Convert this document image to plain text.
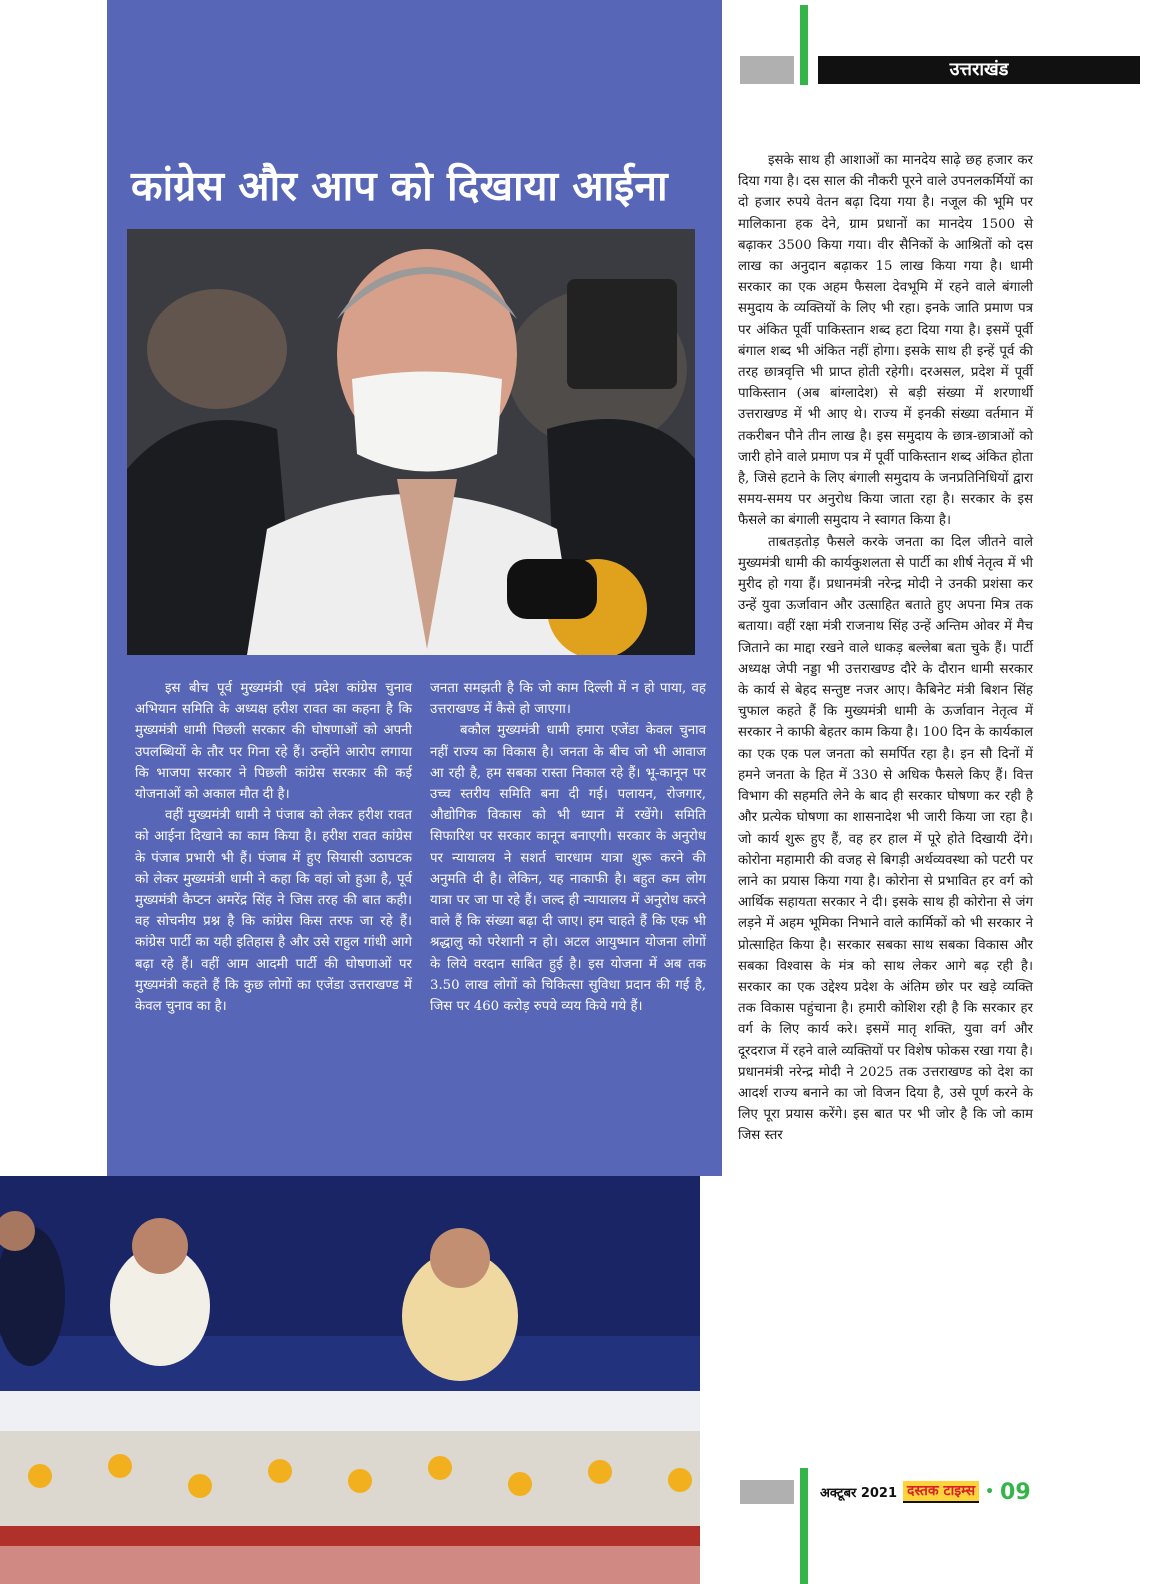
उत्तराखंड
कांग्रेस और आप को दिखाया आईना

इस बीच पूर्व मुख्यमंत्री एवं प्रदेश कांग्रेस चुनाव अभियान समिति के अध्यक्ष हरीश रावत का कहना है कि मुख्यमंत्री धामी पिछली सरकार की घोषणाओं को अपनी उपलब्धियों के तौर पर गिना रहे हैं। उन्होंने आरोप लगाया कि भाजपा सरकार ने पिछली कांग्रेस सरकार की कई योजनाओं को अकाल मौत दी है।

वहीं मुख्यमंत्री धामी ने पंजाब को लेकर हरीश रावत को आईना दिखाने का काम किया है। हरीश रावत कांग्रेस के पंजाब प्रभारी भी हैं। पंजाब में हुए सियासी उठापटक को लेकर मुख्यमंत्री धामी ने कहा कि वहां जो हुआ है, पूर्व मुख्यमंत्री कैप्टन अमरेंद्र सिंह ने जिस तरह की बात कही। वह सोचनीय प्रश्न है कि कांग्रेस किस तरफ जा रहे हैं। कांग्रेस पार्टी का यही इतिहास है और उसे राहुल गांधी आगे बढ़ा रहे हैं। वहीं आम आदमी पार्टी की घोषणाओं पर मुख्यमंत्री कहते हैं कि कुछ लोगों का एजेंडा उत्तराखण्ड में केवल चुनाव का है।

जनता समझती है कि जो काम दिल्ली में न हो पाया, वह उत्तराखण्ड में कैसे हो जाएगा।

बकौल मुख्यमंत्री धामी हमारा एजेंडा केवल चुनाव नहीं राज्य का विकास है। जनता के बीच जो भी आवाज आ रही है, हम सबका रास्ता निकाल रहे हैं। भू-कानून पर उच्च स्तरीय समिति बना दी गई। पलायन, रोजगार, औद्योगिक विकास को भी ध्यान में रखेंगे। समिति सिफारिश पर सरकार कानून बनाएगी। सरकार के अनुरोध पर न्यायालय ने सशर्त चारधाम यात्रा शुरू करने की अनुमति दी है। लेकिन, यह नाकाफी है। बहुत कम लोग यात्रा पर जा पा रहे हैं। जल्द ही न्यायालय में अनुरोध करने वाले हैं कि संख्या बढ़ा दी जाए। हम चाहते हैं कि एक भी श्रद्धालु को परेशानी न हो। अटल आयुष्मान योजना लोगों के लिये वरदान साबित हुई है। इस योजना में अब तक 3.50 लाख लोगों को चिकित्सा सुविधा प्रदान की गई है, जिस पर 460 करोड़ रुपये व्यय किये गये हैं।

इसके साथ ही आशाओं का मानदेय साढ़े छह हजार कर दिया गया है। दस साल की नौकरी पूरने वाले उपनलकर्मियों का दो हजार रुपये वेतन बढ़ा दिया गया है। नजूल की भूमि पर मालिकाना हक देने, ग्राम प्रधानों का मानदेय 1500 से बढ़ाकर 3500 किया गया। वीर सैनिकों के आश्रितों को दस लाख का अनुदान बढ़ाकर 15 लाख किया गया है। धामी सरकार का एक अहम फैसला देवभूमि में रहने वाले बंगाली समुदाय के व्यक्तियों के लिए भी रहा। इनके जाति प्रमाण पत्र पर अंकित पूर्वी पाकिस्तान शब्द हटा दिया गया है। इसमें पूर्वी बंगाल शब्द भी अंकित नहीं होगा। इसके साथ ही इन्हें पूर्व की तरह छात्रवृत्ति भी प्राप्त होती रहेगी। दरअसल, प्रदेश में पूर्वी पाकिस्तान (अब बांग्लादेश) से बड़ी संख्या में शरणार्थी उत्तराखण्ड में भी आए थे। राज्य में इनकी संख्या वर्तमान में तकरीबन पौने तीन लाख है। इस समुदाय के छात्र-छात्राओं को जारी होने वाले प्रमाण पत्र में पूर्वी पाकिस्तान शब्द अंकित होता है, जिसे हटाने के लिए बंगाली समुदाय के जनप्रतिनिधियों द्वारा समय-समय पर अनुरोध किया जाता रहा है। सरकार के इस फैसले का बंगाली समुदाय ने स्वागत किया है।

ताबतड़तोड़ फैसले करके जनता का दिल जीतने वाले मुख्यमंत्री धामी की कार्यकुशलता से पार्टी का शीर्ष नेतृत्व में भी मुरीद हो गया हैं। प्रधानमंत्री नरेन्द्र मोदी ने उनकी प्रशंसा कर उन्हें युवा ऊर्जावान और उत्साहित बताते हुए अपना मित्र तक बताया। वहीं रक्षा मंत्री राजनाथ सिंह उन्हें अन्तिम ओवर में मैच जिताने का माद्दा रखने वाले धाकड़ बल्लेबा बता चुके हैं। पार्टी अध्यक्ष जेपी नड्डा भी उत्तराखण्ड दौरे के दौरान धामी सरकार के कार्य से बेहद सन्तुष्ट नजर आए। कैबिनेट मंत्री बिशन सिंह चुफाल कहते हैं कि मुख्यमंत्री धामी के ऊर्जावान नेतृत्व में सरकार ने काफी बेहतर काम किया है। 100 दिन के कार्यकाल का एक एक पल जनता को समर्पित रहा है। इन सौ दिनों में हमने जनता के हित में 330 से अधिक फैसले किए हैं। वित्त विभाग की सहमति लेने के बाद ही सरकार घोषणा कर रही है और प्रत्येक घोषणा का शासनादेश भी जारी किया जा रहा है। जो कार्य शुरू हुए हैं, वह हर हाल में पूरे होते दिखायी देंगे। कोरोना महामारी की वजह से बिगड़ी अर्थव्यवस्था को पटरी पर लाने का प्रयास किया गया है। कोरोना से प्रभावित हर वर्ग को आर्थिक सहायता सरकार ने दी। इसके साथ ही कोरोना से जंग लड़ने में अहम भूमिका निभाने वाले कार्मिकों को भी सरकार ने प्रोत्साहित किया है। सरकार सबका साथ सबका विकास और सबका विश्वास के मंत्र को साथ लेकर आगे बढ़ रही है। सरकार का एक उद्देश्य प्रदेश के अंतिम छोर पर खड़े व्यक्ति तक विकास पहुंचाना है। हमारी कोशिश रही है कि सरकार हर वर्ग के लिए कार्य करे। इसमें मातृ शक्ति, युवा वर्ग और दूरदराज में रहने वाले व्यक्तियों पर विशेष फोकस रखा गया है। प्रधानमंत्री नरेन्द्र मोदी ने 2025 तक उत्तराखण्ड को देश का आदर्श राज्य बनाने का जो विजन दिया है, उसे पूर्ण करने के लिए पूरा प्रयास करेंगे। इस बात पर भी जोर है कि जो काम जिस स्तर

अक्टूबर 2021 दस्तक टाइम्स • 09
